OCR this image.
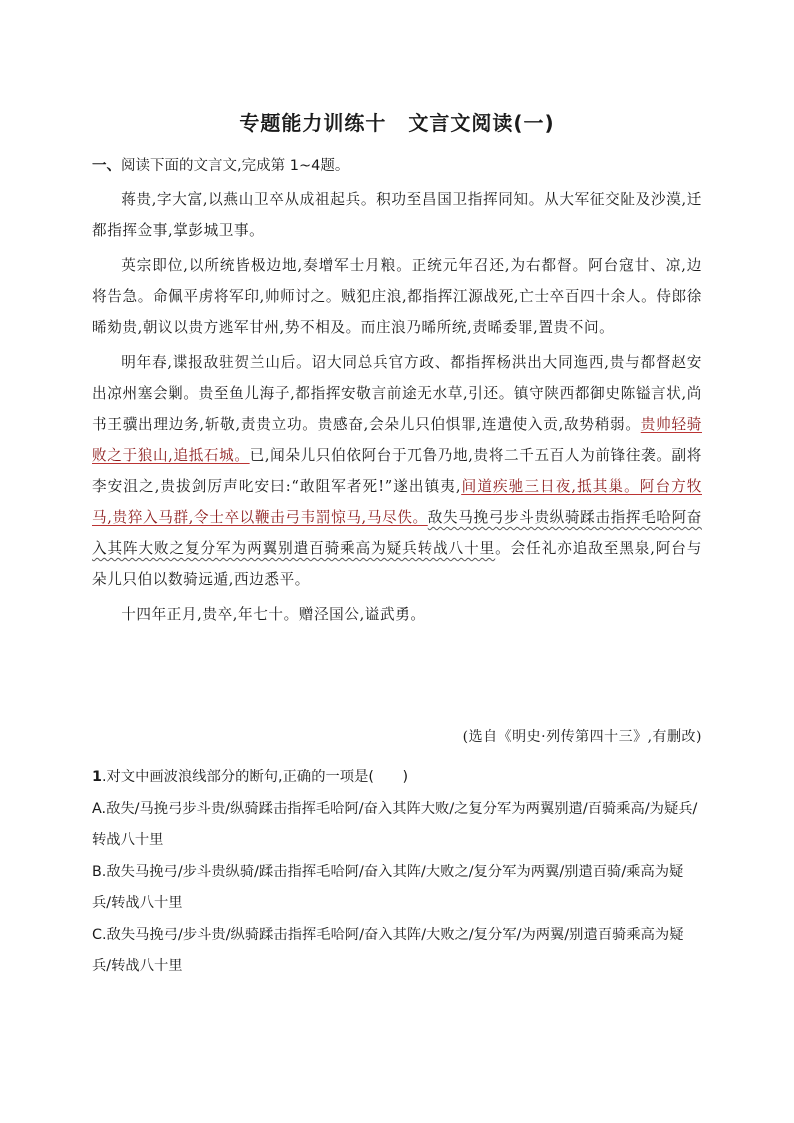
专题能力训练十 文言文阅读(一)
一、阅读下面的文言文,完成第 1~4题。

蒋贵,字大富,以燕山卫卒从成祖起兵。积功至昌国卫指挥同知。从大军征交阯及沙漠,迁都指挥佥事,掌彭城卫事。

英宗即位,以所统皆极边地,奏增军士月粮。正统元年召还,为右都督。阿台寇甘、凉,边将告急。命佩平虏将军印,帅师讨之。贼犯庄浪,都指挥江源战死,亡士卒百四十余人。侍郎徐晞劾贵,朝议以贵方逃军甘州,势不相及。而庄浪乃晞所统,责晞委罪,置贵不问。

明年春,谍报敌驻贺兰山后。诏大同总兵官方政、都指挥杨洪出大同迤西,贵与都督赵安出凉州塞会剿。贵至鱼儿海子,都指挥安敬言前途无水草,引还。镇守陕西都御史陈镒言状,尚书王骥出理边务,斩敬,责贵立功。贵感奋,会朵儿只伯惧罪,连遣使入贡,敌势稍弱。贵帅轻骑败之于狼山,追抵石城。已,闻朵儿只伯依阿台于兀鲁乃地,贵将二千五百人为前锋往袭。副将李安沮之,贵拔剑厉声叱安曰:“敢阻军者死!”遂出镇夷,间道疾驰三日夜,抵其巢。阿台方牧马,贵猝入马群,令士卒以鞭击弓韦罰惊马,马尽佚。敌失马挽弓步斗贵纵骑蹂击指挥毛哈阿奋入其阵大败之复分军为两翼别遣百骑乘高为疑兵转战八十里。会任礼亦追敌至黑泉,阿台与朵儿只伯以数骑远遁,西边悉平。

十四年正月,贵卒,年七十。赠泾国公,谥武勇。

(选自《明史·列传第四十三》,有删改)

1.对文中画波浪线部分的断句,正确的一项是(　　)

A.敌失/马挽弓步斗贵/纵骑蹂击指挥毛哈阿/奋入其阵大败/之复分军为两翼别遣/百骑乘高/为疑兵/转战八十里

B.敌失马挽弓/步斗贵纵骑/蹂击指挥毛哈阿/奋入其阵/大败之/复分军为两翼/别遣百骑/乘高为疑兵/转战八十里

C.敌失马挽弓/步斗贵/纵骑蹂击指挥毛哈阿/奋入其阵/大败之/复分军/为两翼/别遣百骑乘高为疑兵/转战八十里
